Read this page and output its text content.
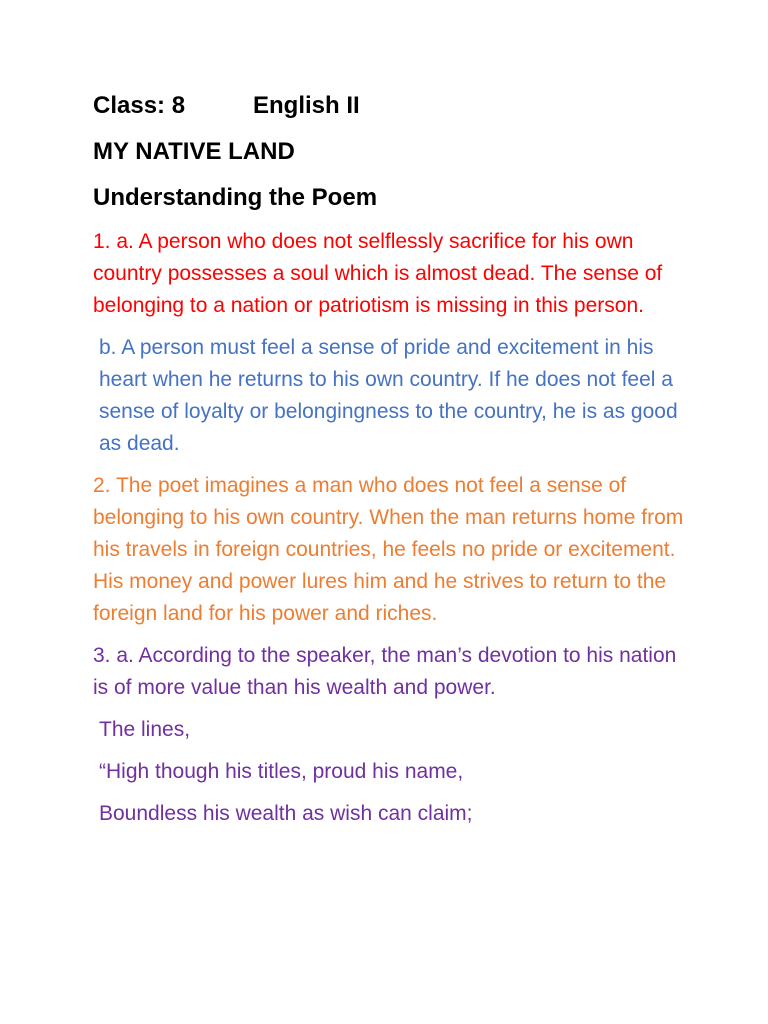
Class: 8	English II
MY NATIVE LAND
Understanding the Poem

1. a. A person who does not selflessly sacrifice for his own country possesses a soul which is almost dead. The sense of belonging to a nation or patriotism is missing in this person.

b. A person must feel a sense of pride and excitement in his heart when he returns to his own country. If he does not feel a sense of loyalty or belongingness to the country, he is as good as dead.

2. The poet imagines a man who does not feel a sense of belonging to his own country. When the man returns home from his travels in foreign countries, he feels no pride or excitement. His money and power lures him and he strives to return to the foreign land for his power and riches.

3. a. According to the speaker, the man’s devotion to his nation is of more value than his wealth and power.

The lines,

“High though his titles, proud his name,

Boundless his wealth as wish can claim;
